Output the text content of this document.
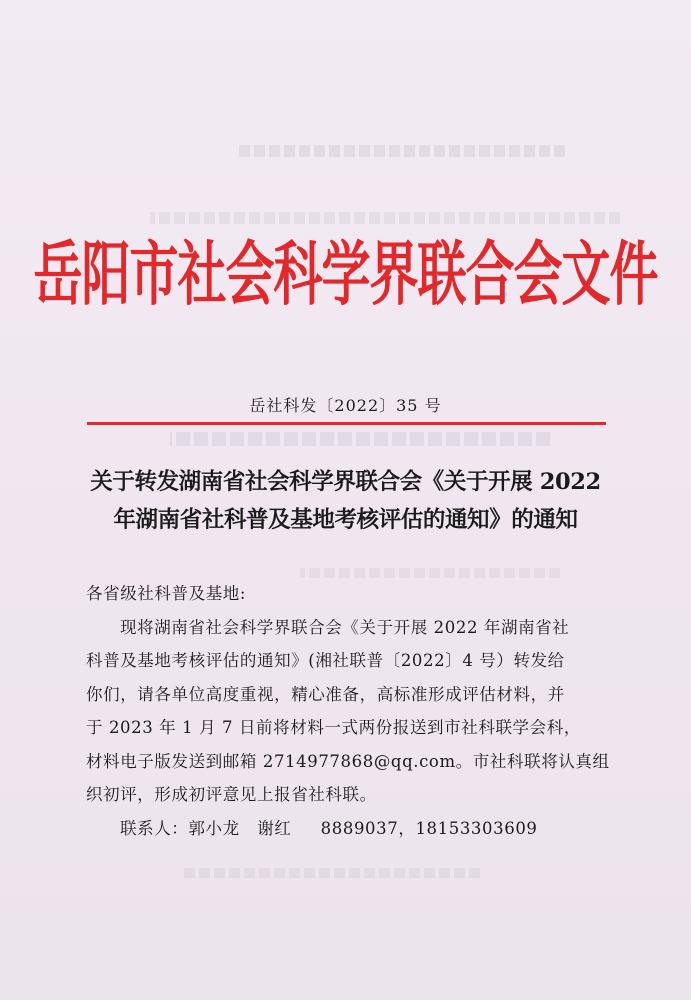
岳阳市社会科学界联合会文件
岳社科发〔2022〕35 号
关于转发湖南省社会科学界联合会《关于开展 2022
年湖南省社科普及基地考核评估的通知》的通知
各省级社科普及基地:
现将湖南省社会科学界联合会《关于开展 2022 年湖南省社
科普及基地考核评估的通知》(湘社联普〔2022〕4 号）转发给
你们，请各单位高度重视，精心准备，高标准形成评估材料，并
于 2023 年 1 月 7 日前将材料一式两份报送到市社科联学会科，
材料电子版发送到邮箱 2714977868@qq.com。市社科联将认真组
织初评，形成初评意见上报省社科联。
联系人：郭小龙   谢红     8889037，18153303609
